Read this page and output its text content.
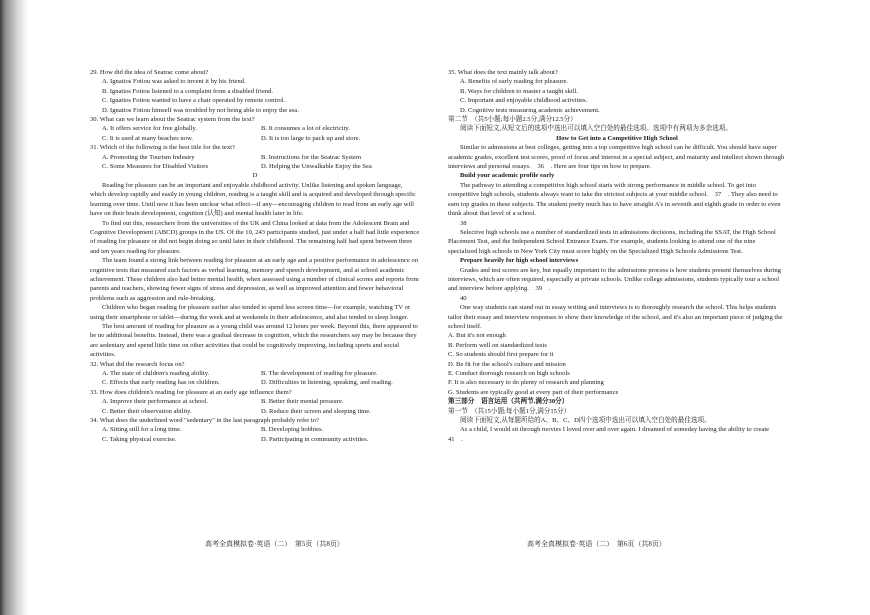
29. How did the idea of Seatrac come about?

A. Ignatios Fotiou was asked to invent it by his friend.

B. Ignatios Fotiou listened to a complaint from a disabled friend.

C. Ignatios Fotiou wanted to have a chair operated by remote control.

D. Ignatios Fotiou himself was troubled by not being able to enjoy the sea.

30. What can we learn about the Seatrac system from the text?

A. It offers service for free globally.	B. It consumes a lot of electricity.

C. It is used at many beaches now.	D. It is too large to pack up and store.

31. Which of the following is the best title for the text?

A. Promoting the Tourism Industry	B. Instructions for the Seatrac System

C. Some Measures for Disabled Visitors	D. Helping the Unwalkable Enjoy the Sea

D

Reading for pleasure can be an important and enjoyable childhood activity. Unlike listening and spoken language, which develop rapidly and easily in young children, reading is a taught skill and is acquired and developed through specific learning over time. Until now it has been unclear what effect—if any—encouraging children to read from an early age will have on their brain development, cognition (认知) and mental health later in life.

To find out this, researchers from the universities of the UK and China looked at data from the Adolescent Brain and Cognitive Development (ABCD) groups in the US. Of the 10, 243 participants studied, just under a half had little experience of reading for pleasure or did not begin doing so until later in their childhood. The remaining half had spent between three and ten years reading for pleasure.

The team found a strong link between reading for pleasure at an early age and a positive performance in adolescence on cognitive tests that measured such factors as verbal learning, memory and speech development, and at school academic achievement. These children also had better mental health, when assessed using a number of clinical scores and reports from parents and teachers, showing fewer signs of stress and depression, as well as improved attention and fewer behavioral problems such as aggression and rule-breaking.

Children who began reading for pleasure earlier also tended to spend less screen time—for example, watching TV or using their smartphone or tablet—during the week and at weekends in their adolescence, and also tended to sleep longer.

The best amount of reading for pleasure as a young child was around 12 hours per week. Beyond this, there appeared to be no additional benefits. Instead, there was a gradual decrease in cognition, which the researchers say may be because they are sedentary and spend little time on other activities that could be cognitively improving, including sports and social activities.

32. What did the research focus on?

A. The state of children's reading ability.	B. The development of reading for pleasure.

C. Effects that early reading has on children.	D. Difficulties in listening, speaking, and reading.

33. How does children's reading for pleasure at an early age influence them?

A. Improve their performance at school.	B. Better their mental pressure.

C. Better their observation ability.	D. Reduce their screen and sleeping time.

34. What does the underlined word "sedentary" in the last paragraph probably refer to?

A. Sitting still for a long time.	B. Developing hobbies.

C. Taking physical exercise.	D. Participating in community activities.

35. What does the text mainly talk about?

A. Benefits of early reading for pleasure.

B. Ways for children to master a taught skill.

C. Important and enjoyable childhood activities.

D. Cognitive tests measuring academic achievement.

第二节　（共5小题;每小题2.5分,满分12.5分）

阅读下面短文,从短文后的选项中选出可以填入空白处的最佳选项。选项中有两项为多余选项。

How to Get into a Competitive High School

Similar to admissions at best colleges, getting into a top competitive high school can be difficult. You should have super academic grades, excellent test scores, proof of focus and interest in a special subject, and maturity and intellect shown through interviews and personal essays.　36　. Here are four tips on how to prepare.

Build your academic profile early

The pathway to attending a competitive high school starts with strong performance in middle school. To get into competitive high schools, students always want to take the strictest subjects at your middle school.　37　. They also need to earn top grades in these subjects. The student pretty much has to have straight A's in seventh and eighth grade in order to even think about that level of a school.

38

Selective high schools use a number of standardized tests in admissions decisions, including the SSAT, the High School Placement Test, and the Independent School Entrance Exam. For example, students looking to attend one of the nine specialized high schools in New York City must score highly on the Specialized High Schools Admissions Test.

Prepare heavily for high school interviews

Grades and test scores are key, but equally important to the admissions process is how students present themselves during interviews, which are often required, especially at private schools. Unlike college admissions, students typically tour a school and interview before applying.　39　.

40

One way students can stand out in essay writing and interviews is to thoroughly research the school. This helps students tailor their essay and interview responses to show their knowledge of the school, and it's also an important piece of judging the school itself.

A. But it's not enough

B. Perform well on standardized tests

C. So students should first prepare for it

D. Be fit for the school's culture and mission

E. Conduct thorough research on high schools

F. It is also necessary to do plenty of research and planning

G. Students are typically good at every part of their performance

第三部分　语言运用（共两节,满分30分）

第一节　（共15小题;每小题1分,满分15分）

阅读下面短文,从每题所给的A、B、C、D四个选项中选出可以填入空白处的最佳选项。

As a child, I would sit through movies I loved over and over again. I dreamed of someday having the ability to create　41　.

高考全真模拟卷·英语（二）　第5页（共8页）	高考全真模拟卷·英语（二）　第6页（共8页）
